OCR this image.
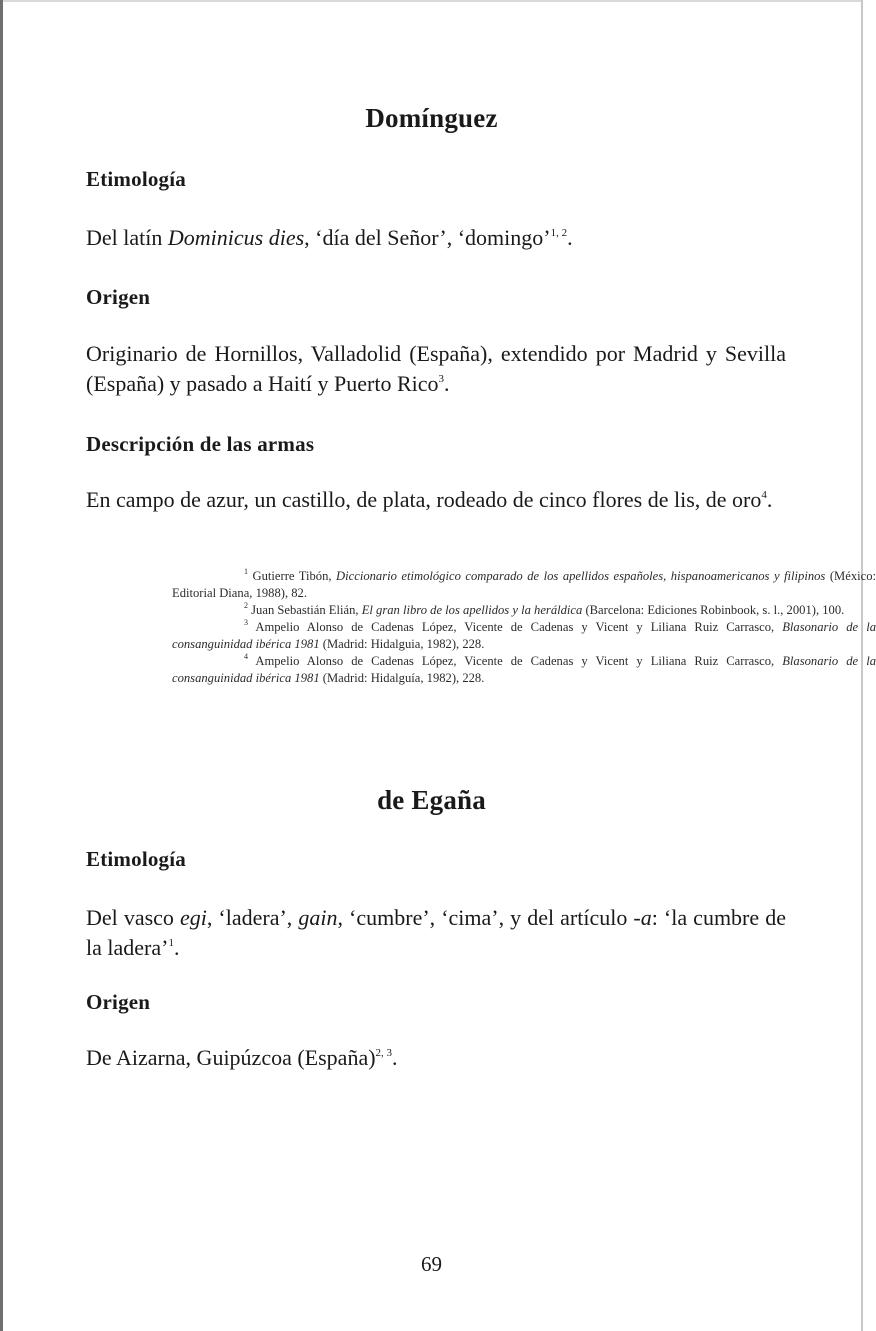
Domínguez
Etimología

Del latín Dominicus dies, ‘día del Señor’, ‘domingo’$^{1, 2}$.

Origen

Originario de Hornillos, Valladolid (España), extendido por Madrid y Sevilla (España) y pasado a Haití y Puerto Rico$^3$.

Descripción de las armas

En campo de azur, un castillo, de plata, rodeado de cinco flores de lis, de oro$^4$.

$^1$ Gutierre Tibón, Diccionario etimológico comparado de los apellidos españoles, hispanoamericanos y filipinos (México: Editorial Diana, 1988), 82.

$^2$ Juan Sebastián Elián, El gran libro de los apellidos y la heráldica (Barcelona: Ediciones Robinbook, s. l., 2001), 100.

$^3$ Ampelio Alonso de Cadenas López, Vicente de Cadenas y Vicent y Liliana Ruiz Carrasco, Blasonario de la consanguinidad ibérica 1981 (Madrid: Hidalguia, 1982), 228.

$^4$ Ampelio Alonso de Cadenas López, Vicente de Cadenas y Vicent y Liliana Ruiz Carrasco, Blasonario de la consanguinidad ibérica 1981 (Madrid: Hidalguía, 1982), 228.

de Egaña
Etimología

Del vasco egi, ‘ladera’, gain, ‘cumbre’, ‘cima’, y del artículo -a: ‘la cumbre de la ladera’$^1$.

Origen

De Aizarna, Guipúzcoa (España)$^{2, 3}$.

69
